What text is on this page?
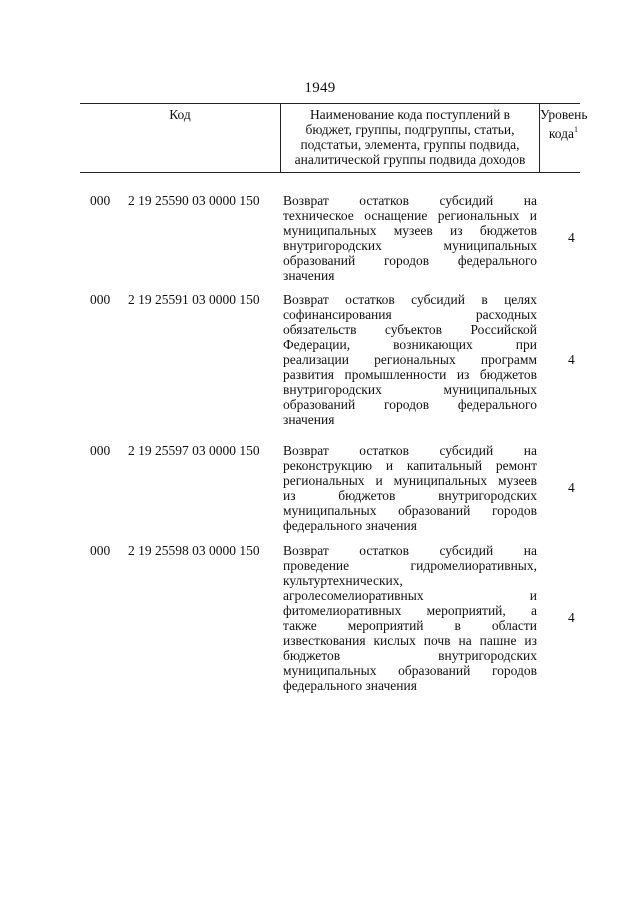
1949
Код	Наименование кода поступлений в
бюджет, группы, подгруппы, статьи,
подстатьи, элемента, группы подвида,
аналитической группы подвида доходов
Уровень
кода$^1$
000 2 19 25590 03 0000 150 Возврат остатков субсидий на
техническое оснащение региональных и
муниципальных музеев из бюджетов
внутригородских муниципальных
образований городов федерального
значения
4
000 2 19 25591 03 0000 150 Возврат остатков субсидий в целях
софинансирования расходных
обязательств субъектов Российской
Федерации, возникающих при
реализации региональных программ
развития промышленности из бюджетов
внутригородских муниципальных
образований городов федерального
значения
4
000 2 19 25597 03 0000 150 Возврат остатков субсидий на
реконструкцию и капитальный ремонт
региональных и муниципальных музеев
из бюджетов внутригородских
муниципальных образований городов
федерального значения
4
000 2 19 25598 03 0000 150 Возврат остатков субсидий на
проведение гидромелиоративных,
культуртехнических,
агролесомелиоративных и
фитомелиоративных мероприятий, а
также мероприятий в области
известкования кислых почв на пашне из
бюджетов внутригородских
муниципальных образований городов
федерального значения
4
